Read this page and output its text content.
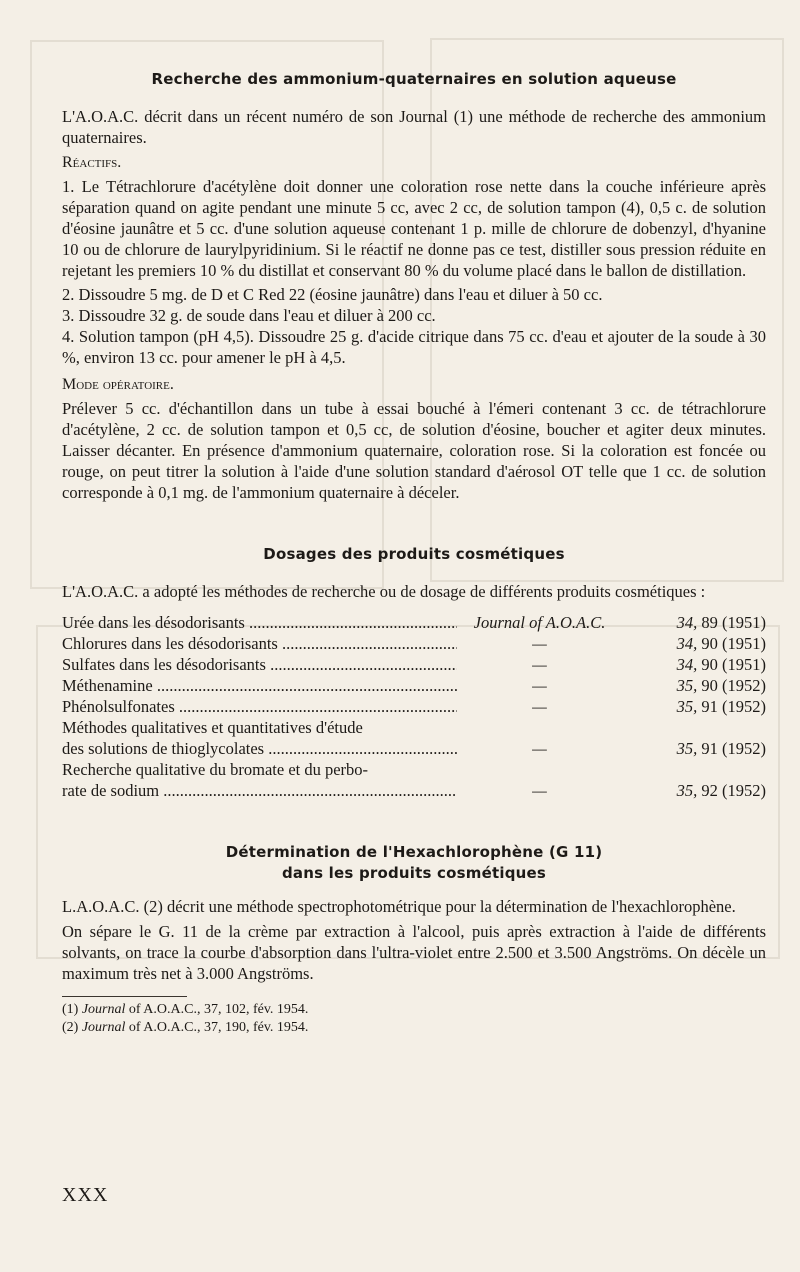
Recherche des ammonium-quaternaires en solution aqueuse

L'A.O.A.C. décrit dans un récent numéro de son Journal (1) une méthode de recherche des ammonium quaternaires.

Réactifs.

1. Le Tétrachlorure d'acétylène doit donner une coloration rose nette dans la couche inférieure après séparation quand on agite pendant une minute 5 cc, avec 2 cc, de solution tampon (4), 0,5 c. de solution d'éosine jaunâtre et 5 cc. d'une solution aqueuse contenant 1 p. mille de chlorure de dobenzyl, d'hyanine 10 ou de chlorure de laurylpyridinium. Si le réactif ne donne pas ce test, distiller sous pression réduite en rejetant les premiers 10 % du distillat et conservant 80 % du volume placé dans le ballon de distillation.

2. Dissoudre 5 mg. de D et C Red 22 (éosine jaunâtre) dans l'eau et diluer à 50 cc.

3. Dissoudre 32 g. de soude dans l'eau et diluer à 200 cc.

4. Solution tampon (pH 4,5). Dissoudre 25 g. d'acide citrique dans 75 cc. d'eau et ajouter de la soude à 30 %, environ 13 cc. pour amener le pH à 4,5.

Mode opératoire.

Prélever 5 cc. d'échantillon dans un tube à essai bouché à l'émeri contenant 3 cc. de tétrachlorure d'acétylène, 2 cc. de solution tampon et 0,5 cc, de solution d'éosine, boucher et agiter deux minutes. Laisser décanter. En présence d'ammonium quaternaire, coloration rose. Si la coloration est foncée ou rouge, on peut titrer la solution à l'aide d'une solution standard d'aérosol OT telle que 1 cc. de solution corresponde à 0,1 mg. de l'ammonium quaternaire à déceler.

Dosages des produits cosmétiques

L'A.O.A.C. a adopté les méthodes de recherche ou de dosage de différents produits cosmétiques :

Urée dans les désodorisants .....	Journal of A.O.A.C.	34, 89 (1951)
Chlorures dans les désodorisants .....	—	34, 90 (1951)
Sulfates dans les désodorisants .....	—	34, 90 (1951)
Méthenamine .....	—	35, 90 (1952)
Phénolsulfonates .....	—	35, 91 (1952)
Méthodes qualitatives et quantitatives d'étude
des solutions de thioglycolates .....	—	35, 91 (1952)
Recherche qualitative du bromate et du perbo-
rate de sodium .....	—	35, 92 (1952)
Détermination de l'Hexachlorophène (G 11)
dans les produits cosmétiques

L.A.O.A.C. (2) décrit une méthode spectrophotométrique pour la détermination de l'hexachlorophène.

On sépare le G. 11 de la crème par extraction à l'alcool, puis après extraction à l'aide de différents solvants, on trace la courbe d'absorption dans l'ultra-violet entre 2.500 et 3.500 Angströms. On décèle un maximum très net à 3.000 Angströms.

(1) Journal of A.O.A.C., 37, 102, fév. 1954.
(2) Journal of A.O.A.C., 37, 190, fév. 1954.
XXX
